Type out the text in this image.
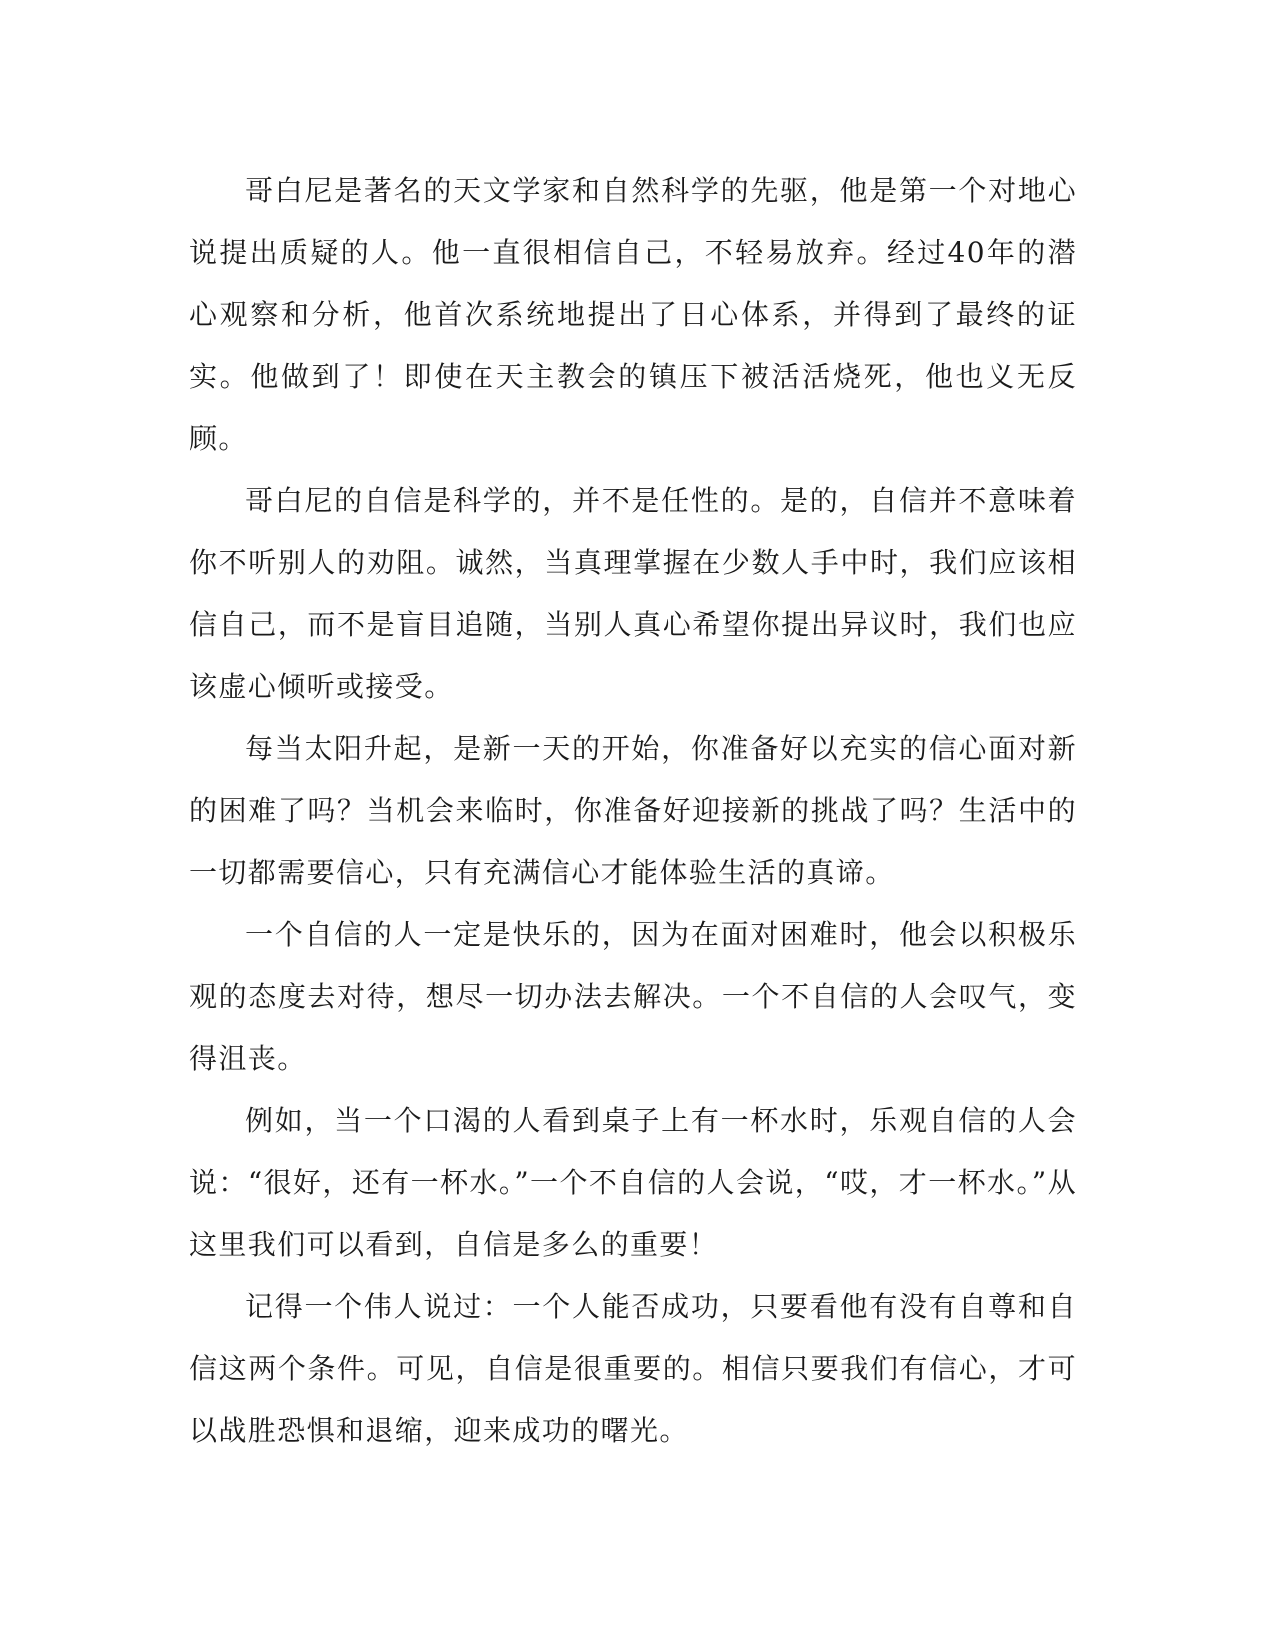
哥白尼是著名的天文学家和自然科学的先驱，他是第一个对地心说提出质疑的人。他一直很相信自己，不轻易放弃。经过40年的潜心观察和分析，他首次系统地提出了日心体系，并得到了最终的证实。他做到了！即使在天主教会的镇压下被活活烧死，他也义无反顾。

哥白尼的自信是科学的，并不是任性的。是的，自信并不意味着你不听别人的劝阻。诚然，当真理掌握在少数人手中时，我们应该相信自己，而不是盲目追随，当别人真心希望你提出异议时，我们也应该虚心倾听或接受。

每当太阳升起，是新一天的开始，你准备好以充实的信心面对新的困难了吗？当机会来临时，你准备好迎接新的挑战了吗？生活中的一切都需要信心，只有充满信心才能体验生活的真谛。

一个自信的人一定是快乐的，因为在面对困难时，他会以积极乐观的态度去对待，想尽一切办法去解决。一个不自信的人会叹气，变得沮丧。

例如，当一个口渴的人看到桌子上有一杯水时，乐观自信的人会说：“很好，还有一杯水。”一个不自信的人会说，“哎，才一杯水。”从这里我们可以看到，自信是多么的重要！

记得一个伟人说过：一个人能否成功，只要看他有没有自尊和自信这两个条件。可见，自信是很重要的。相信只要我们有信心，才可以战胜恐惧和退缩，迎来成功的曙光。
